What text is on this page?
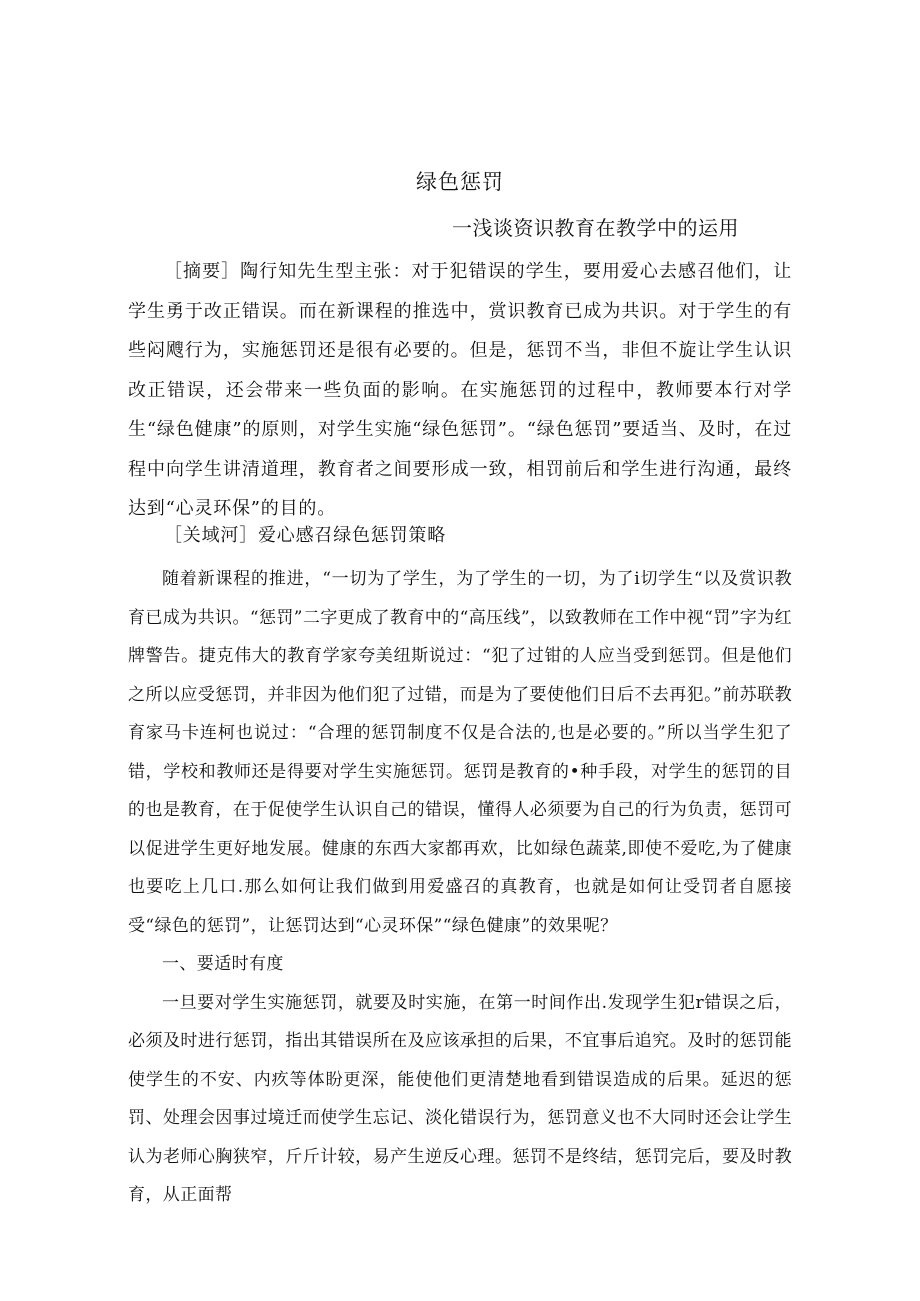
绿色惩罚
一浅谈资识教育在教学中的运用

［摘要］陶行知先生型主张：对于犯错误的学生，要用爱心去感召他们，让学生勇于改正错误。而在新课程的推选中，赏识教育已成为共识。对于学生的有些闷飕行为，实施惩罚还是很有必要的。但是，惩罚不当，非但不旋让学生认识改正错误，还会带来一些负面的影响。在实施惩罚的过程中，教师要本行对学生“绿色健康”的原则，对学生实施“绿色惩罚”。“绿色惩罚”要适当、及时，在过程中向学生讲清道理，教育者之间要形成一致，相罚前后和学生进行沟通，最终达到“心灵环保”的目的。

［关域河］爱心感召绿色惩罚策略

随着新课程的推进，“一切为了学生，为了学生的一切，为了i切学生“以及赏识教育已成为共识。“惩罚”二字更成了教育中的“高压线”，以致教师在工作中视“罚”字为红牌警告。捷克伟大的教育学家夸美纽斯说过：“犯了过钳的人应当受到惩罚。但是他们之所以应受惩罚，并非因为他们犯了过错，而是为了要使他们日后不去再犯。”前苏联教育家马卡连柯也说过：“合理的惩罚制度不仅是合法的,也是必要的。”所以当学生犯了错，学校和教师还是得要对学生实施惩罚。惩罚是教育的•种手段，对学生的惩罚的目的也是教育，在于促使学生认识自己的错误，懂得人必须要为自己的行为负责，惩罚可以促进学生更好地发展。健康的东西大家都再欢，比如绿色蔬菜,即使不爱吃,为了健康也要吃上几口.那么如何让我们做到用爱盛召的真教育，也就是如何让受罚者自愿接受“绿色的惩罚”，让惩罚达到“心灵环保”“绿色健康”的效果呢？

一、要适时有度

一旦要对学生实施惩罚，就要及时实施，在第一时间作出.发现学生犯r错误之后，必须及时进行惩罚，指出其错误所在及应该承担的后果，不宜事后追究。及时的惩罚能使学生的不安、内疚等体盼更深，能使他们更清楚地看到错误造成的后果。延迟的惩罚、处理会因事过境迁而使学生忘记、淡化错误行为，惩罚意义也不大同时还会让学生认为老师心胸狭窄，斤斤计较，易产生逆反心理。惩罚不是终结，惩罚完后，要及时教育，从正面帮
